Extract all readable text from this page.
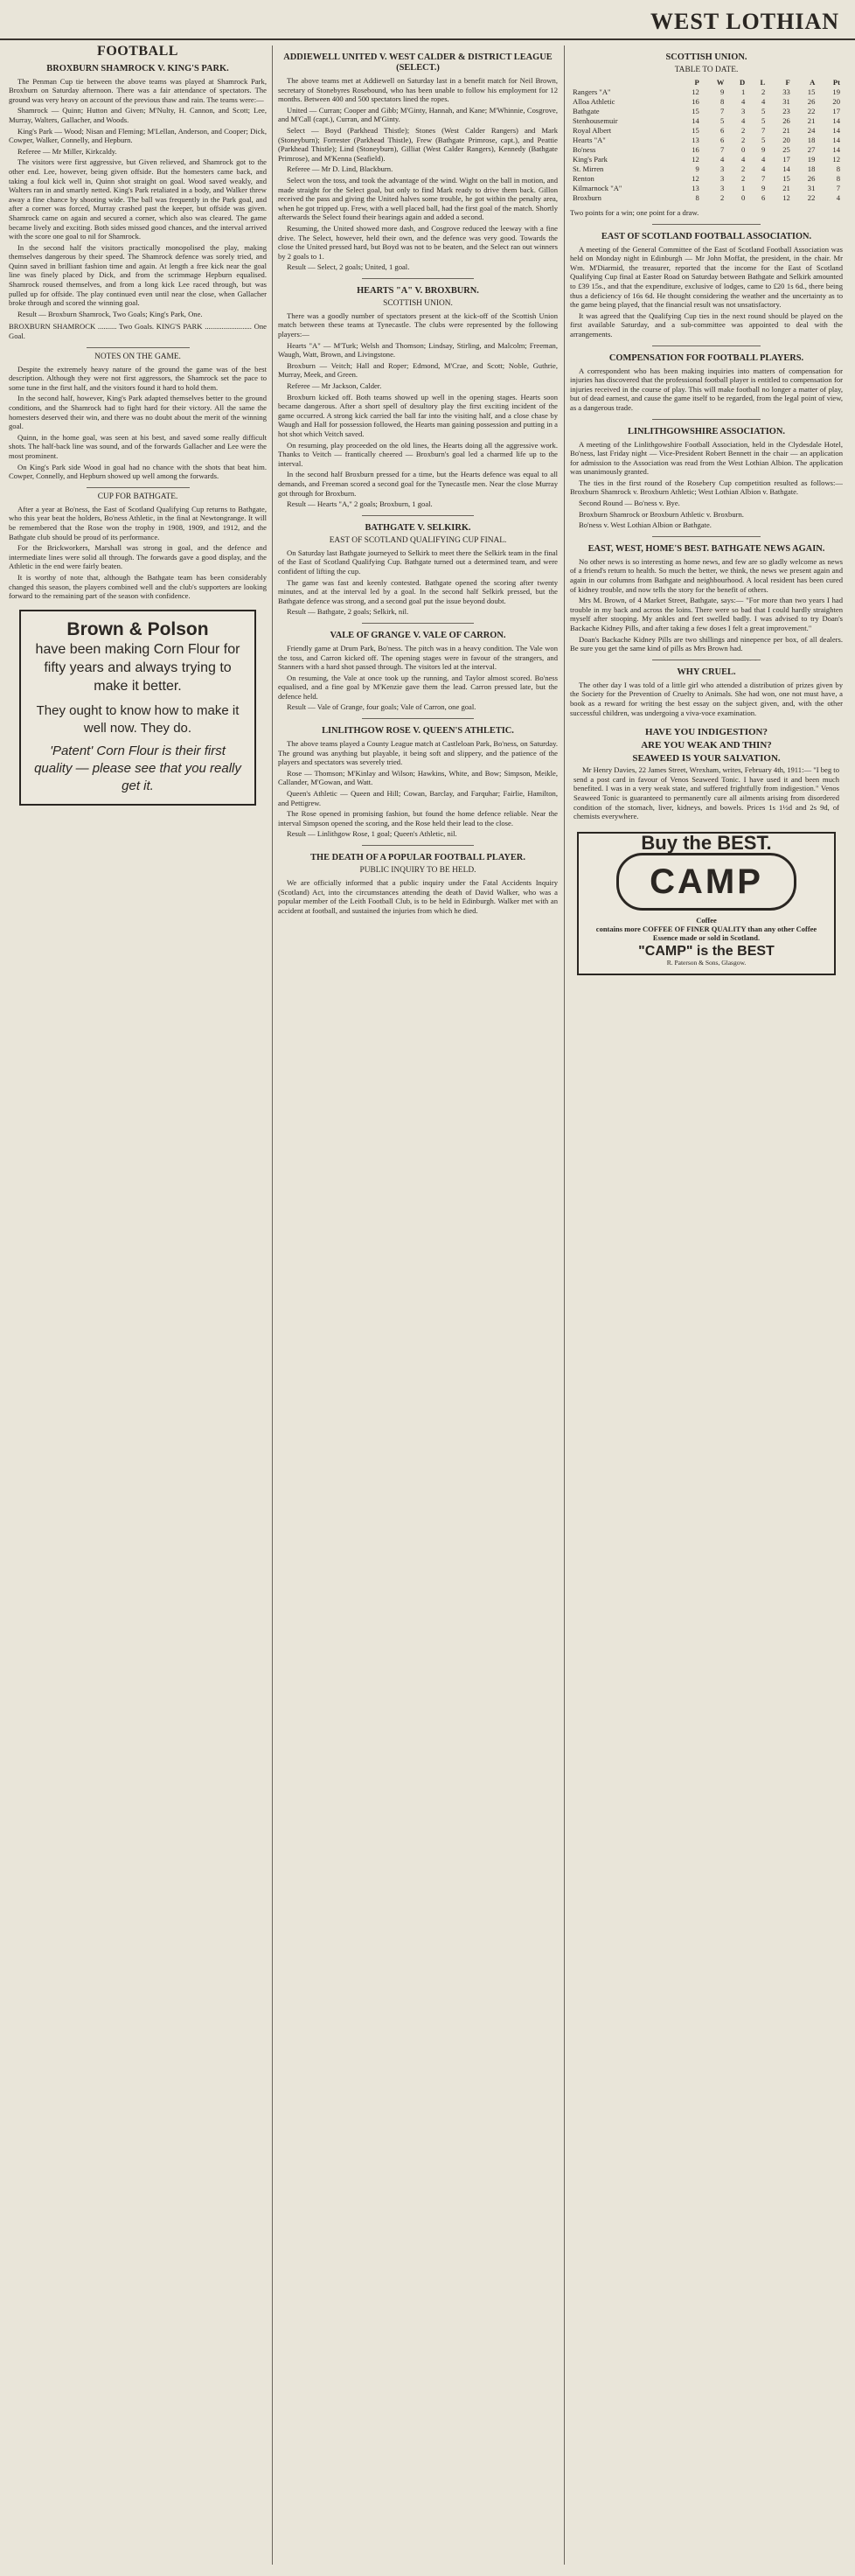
WEST LOTHIAN
FOOTBALL
BROXBURN SHAMROCK V. KING'S PARK.

The Penman Cup tie between the above teams was played at Shamrock Park, Broxburn on Saturday afternoon. There was a fair attendance of spectators. The ground was very heavy on account of the previous thaw and rain. The teams were:—

Shamrock — Quinn; Hutton and Given; M'Nulty, H. Cannon, and Scott; Lee, Murray, Walters, Gallacher, and Woods.

King's Park — Wood; Nisan and Fleming; M'Lellan, Anderson, and Cooper; Dick, Cowper, Walker, Connelly, and Hepburn.

Referee — Mr Miller, Kirkcaldy.

The visitors were first aggressive, but Given relieved, and Shamrock got to the other end. Lee, however, being given offside. But the homesters came back, and taking a foul kick well in, Quinn shot straight on goal. Wood saved weakly, and Walters ran in and smartly netted. King's Park retaliated in a body, and Walker threw away a fine chance by shooting wide. The ball was frequently in the Park goal, and after a corner was forced, Murray crashed past the keeper, but offside was given. Shamrock came on again and secured a corner, which also was cleared. The game became lively and exciting. Both sides missed good chances, and the interval arrived with the score one goal to nil for Shamrock.

In the second half the visitors practically monopolised the play, making themselves dangerous by their speed. The Shamrock defence was sorely tried, and Quinn saved in brilliant fashion time and again. At length a free kick near the goal line was finely placed by Dick, and from the scrimmage Hepburn equalised. Shamrock roused themselves, and from a long kick Lee raced through, but was pulled up for offside. The play continued even until near the close, when Gallacher broke through and scored the winning goal.

Result — Broxburn Shamrock, Two Goals; King's Park, One.

BROXBURN SHAMROCK .......... Two Goals. KING'S PARK ......................... One Goal.

NOTES ON THE GAME.

Despite the extremely heavy nature of the ground the game was of the best description. Although they were not first aggressors, the Shamrock set the pace to some tune in the first half, and the visitors found it hard to hold them.

In the second half, however, King's Park adapted themselves better to the ground conditions, and the Shamrock had to fight hard for their victory. All the same the homesters deserved their win, and there was no doubt about the merit of the winning goal.

Quinn, in the home goal, was seen at his best, and saved some really difficult shots. The half-back line was sound, and of the forwards Gallacher and Lee were the most prominent.

On King's Park side Wood in goal had no chance with the shots that beat him. Cowper, Connelly, and Hepburn showed up well among the forwards.

CUP FOR BATHGATE.

After a year at Bo'ness, the East of Scotland Qualifying Cup returns to Bathgate, who this year beat the holders, Bo'ness Athletic, in the final at Newtongrange. It will be remembered that the Rose won the trophy in 1908, 1909, and 1912, and the Bathgate club should be proud of its performance.

For the Brickworkers, Marshall was strong in goal, and the defence and intermediate lines were solid all through. The forwards gave a good display, and the Athletic in the end were fairly beaten.

It is worthy of note that, although the Bathgate team has been considerably changed this season, the players combined well and the club's supporters are looking forward to the remaining part of the season with confidence.

Brown & Polson
have been making Corn Flour for fifty years and always trying to make it better.
They ought to know how to make it well now. They do.
'Patent' Corn Flour is their first quality — please see that you really get it.
ADDIEWELL UNITED V. WEST CALDER & DISTRICT LEAGUE (SELECT.)

The above teams met at Addiewell on Saturday last in a benefit match for Neil Brown, secretary of Stonebyres Rosebound, who has been unable to follow his employment for 12 months. Between 400 and 500 spectators lined the ropes.

United — Curran; Cooper and Gibb; M'Ginty, Hannah, and Kane; M'Whinnie, Cosgrove, and M'Call (capt.), Curran, and M'Ginty.

Select — Boyd (Parkhead Thistle); Stones (West Calder Rangers) and Mark (Stoneyburn); Forrester (Parkhead Thistle), Frew (Bathgate Primrose, capt.), and Peattie (Parkhead Thistle); Lind (Stoneyburn), Gilliat (West Calder Rangers), Kennedy (Bathgate Primrose), and M'Kenna (Seafield).

Referee — Mr D. Lind, Blackburn.

Select won the toss, and took the advantage of the wind. Wight on the ball in motion, and made straight for the Select goal, but only to find Mark ready to drive them back. Gillon received the pass and giving the United halves some trouble, he got within the penalty area, when he got tripped up. Frew, with a well placed ball, had the first goal of the match. Shortly afterwards the Select found their bearings again and added a second.

Resuming, the United showed more dash, and Cosgrove reduced the leeway with a fine drive. The Select, however, held their own, and the defence was very good. Towards the close the United pressed hard, but Boyd was not to be beaten, and the Select ran out winners by 2 goals to 1.

Result — Select, 2 goals; United, 1 goal.

HEARTS "A" V. BROXBURN.
SCOTTISH UNION.

There was a goodly number of spectators present at the kick-off of the Scottish Union match between these teams at Tynecastle. The clubs were represented by the following players:—

Hearts "A" — M'Turk; Welsh and Thomson; Lindsay, Stirling, and Malcolm; Freeman, Waugh, Watt, Brown, and Livingstone.

Broxburn — Veitch; Hall and Roper; Edmond, M'Crae, and Scott; Noble, Guthrie, Murray, Meek, and Green.

Referee — Mr Jackson, Calder.

Broxburn kicked off. Both teams showed up well in the opening stages. Hearts soon became dangerous. After a short spell of desultory play the first exciting incident of the game occurred. A strong kick carried the ball far into the visiting half, and a close chase by Waugh and Hall for possession followed, the Hearts man gaining possession and putting in a hot shot which Veitch saved.

On resuming, play proceeded on the old lines, the Hearts doing all the aggressive work. Thanks to Veitch — frantically cheered — Broxburn's goal led a charmed life up to the interval.

In the second half Broxburn pressed for a time, but the Hearts defence was equal to all demands, and Freeman scored a second goal for the Tynecastle men. Near the close Murray got through for Broxburn.

Result — Hearts "A," 2 goals; Broxburn, 1 goal.

BATHGATE V. SELKIRK.
EAST OF SCOTLAND QUALIFYING CUP FINAL.

On Saturday last Bathgate journeyed to Selkirk to meet there the Selkirk team in the final of the East of Scotland Qualifying Cup. Bathgate turned out a determined team, and were confident of lifting the cup.

The game was fast and keenly contested. Bathgate opened the scoring after twenty minutes, and at the interval led by a goal. In the second half Selkirk pressed, but the Bathgate defence was strong, and a second goal put the issue beyond doubt.

Result — Bathgate, 2 goals; Selkirk, nil.

VALE OF GRANGE V. VALE OF CARRON.

Friendly game at Drum Park, Bo'ness. The pitch was in a heavy condition. The Vale won the toss, and Carron kicked off. The opening stages were in favour of the strangers, and Stanners with a hard shot passed through. The visitors led at the interval.

On resuming, the Vale at once took up the running, and Taylor almost scored. Bo'ness equalised, and a fine goal by M'Kenzie gave them the lead. Carron pressed late, but the defence held.

Result — Vale of Grange, four goals; Vale of Carron, one goal.

LINLITHGOW ROSE V. QUEEN'S ATHLETIC.

The above teams played a County League match at Castleloan Park, Bo'ness, on Saturday. The ground was anything but playable, it being soft and slippery, and the patience of the players and spectators was severely tried.

Rose — Thomson; M'Kinlay and Wilson; Hawkins, White, and Bow; Simpson, Meikle, Callander, M'Gowan, and Watt.

Queen's Athletic — Queen and Hill; Cowan, Barclay, and Farquhar; Fairlie, Hamilton, and Pettigrew.

The Rose opened in promising fashion, but found the home defence reliable. Near the interval Simpson opened the scoring, and the Rose held their lead to the close.

Result — Linlithgow Rose, 1 goal; Queen's Athletic, nil.

THE DEATH OF A POPULAR FOOTBALL PLAYER.
PUBLIC INQUIRY TO BE HELD.

We are officially informed that a public inquiry under the Fatal Accidents Inquiry (Scotland) Act, into the circumstances attending the death of David Walker, who was a popular member of the Leith Football Club, is to be held in Edinburgh. Walker met with an accident at football, and sustained the injuries from which he died.

SCOTTISH UNION.
TABLE TO DATE.
	P	W	D	L	F	A	Pt
Rangers "A"	12	9	1	2	33	15	19
Alloa Athletic	16	8	4	4	31	26	20
Bathgate	15	7	3	5	23	22	17
Stenhousemuir	14	5	4	5	26	21	14
Royal Albert	15	6	2	7	21	24	14
Hearts "A"	13	6	2	5	20	18	14
Bo'ness	16	7	0	9	25	27	14
King's Park	12	4	4	4	17	19	12
St. Mirren	9	3	2	4	14	18	8
Renton	12	3	2	7	15	26	8
Kilmarnock "A"	13	3	1	9	21	31	7
Broxburn	8	2	0	6	12	22	4

Two points for a win; one point for a draw.

EAST OF SCOTLAND FOOTBALL ASSOCIATION.

A meeting of the General Committee of the East of Scotland Football Association was held on Monday night in Edinburgh — Mr John Moffat, the president, in the chair. Mr Wm. M'Diarmid, the treasurer, reported that the income for the East of Scotland Qualifying Cup final at Easter Road on Saturday between Bathgate and Selkirk amounted to £39 15s., and that the expenditure, exclusive of lodges, came to £20 1s 6d., there being thus a deficiency of 16s 6d. He thought considering the weather and the uncertainty as to the game being played, that the financial result was not unsatisfactory.

It was agreed that the Qualifying Cup ties in the next round should be played on the first available Saturday, and a sub-committee was appointed to deal with the arrangements.

COMPENSATION FOR FOOTBALL PLAYERS.

A correspondent who has been making inquiries into matters of compensation for injuries has discovered that the professional football player is entitled to compensation for injuries received in the course of play. This will make football no longer a matter of play, but of dead earnest, and cause the game itself to be regarded, from the legal point of view, as a dangerous trade.

LINLITHGOWSHIRE ASSOCIATION.

A meeting of the Linlithgowshire Football Association, held in the Clydesdale Hotel, Bo'ness, last Friday night — Vice-President Robert Bennett in the chair — an application for admission to the Association was read from the West Lothian Albion. The application was unanimously granted.

The ties in the first round of the Rosebery Cup competition resulted as follows:— Broxburn Shamrock v. Broxburn Athletic; West Lothian Albion v. Bathgate.

Second Round — Bo'ness v. Bye.

Broxburn Shamrock or Broxburn Athletic v. Broxburn.

Bo'ness v. West Lothian Albion or Bathgate.

EAST, WEST, HOME'S BEST. BATHGATE NEWS AGAIN.

No other news is so interesting as home news, and few are so gladly welcome as news of a friend's return to health. So much the better, we think, the news we present again and again in our columns from Bathgate and neighbourhood. A local resident has been cured of kidney trouble, and now tells the story for the benefit of others.

Mrs M. Brown, of 4 Market Street, Bathgate, says:— "For more than two years I had trouble in my back and across the loins. There were so bad that I could hardly straighten myself after stooping. My ankles and feet swelled badly. I was advised to try Doan's Backache Kidney Pills, and after taking a few doses I felt a great improvement."

Doan's Backache Kidney Pills are two shillings and ninepence per box, of all dealers. Be sure you get the same kind of pills as Mrs Brown had.

WHY CRUEL.

The other day I was told of a little girl who attended a distribution of prizes given by the Society for the Prevention of Cruelty to Animals. She had won, one not must have, a book as a reward for writing the best essay on the subject given, and, with the other successful children, was undergoing a viva-voce examination.

HAVE YOU INDIGESTION?
ARE YOU WEAK AND THIN?
SEAWEED IS YOUR SALVATION.

Mr Henry Davies, 22 James Street, Wrexham, writes, February 4th, 1911:— "I beg to send a post card in favour of Venos Seaweed Tonic. I have used it and been much benefited. I was in a very weak state, and suffered frightfully from indigestion." Venos Seaweed Tonic is guaranteed to permanently cure all ailments arising from disordered condition of the stomach, liver, kidneys, and bowels. Prices 1s 1½d and 2s 9d, of chemists everywhere.

Buy the BEST.
CAMP
Coffee
contains more COFFEE OF FINER QUALITY than any other Coffee Essence made or sold in Scotland.
"CAMP" is the BEST
R. Paterson & Sons, Glasgow.
